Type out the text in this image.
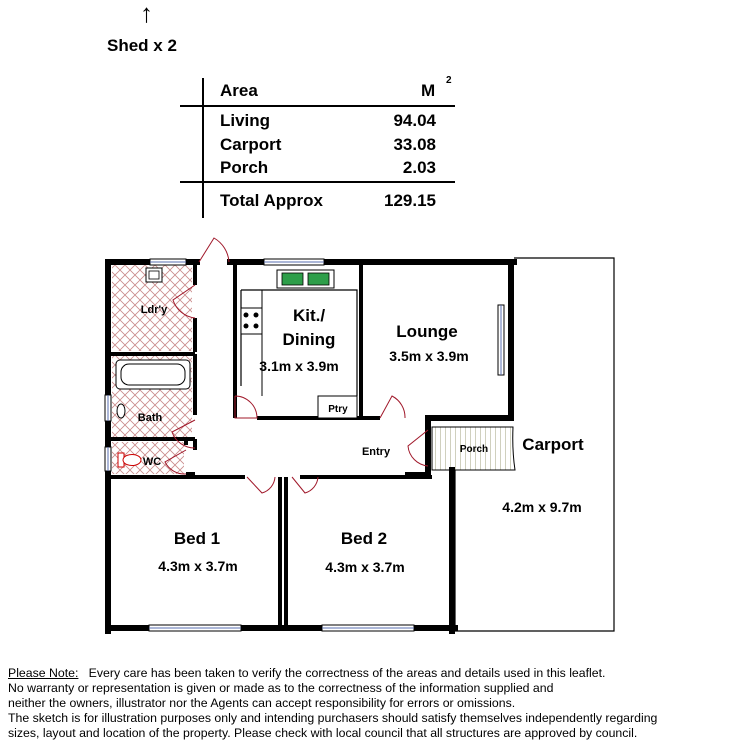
↑
Shed x 2
Area	M
2
Living	94.04
Carport	33.08
Porch	2.03
Total Approx	129.15
Ldr'y
Bath
WC
Kit./
Dining
3.1m x 3.9m
Ptry
Lounge
3.5m x 3.9m
Entry	Porch Carport
4.2m x 9.7m
Bed 1
4.3m x 3.7m
Bed 2
4.3m x 3.7m
Please Note: Every care has been taken to verify the correctness of the areas and details used in this leaflet.
No warranty or representation is given or made as to the correctness of the information supplied and
neither the owners, illustrator nor the Agents can accept responsibility for errors or omissions.
The sketch is for illustration purposes only and intending purchasers should satisfy themselves independently regarding
sizes, layout and location of the property. Please check with local council that all structures are approved by council.
